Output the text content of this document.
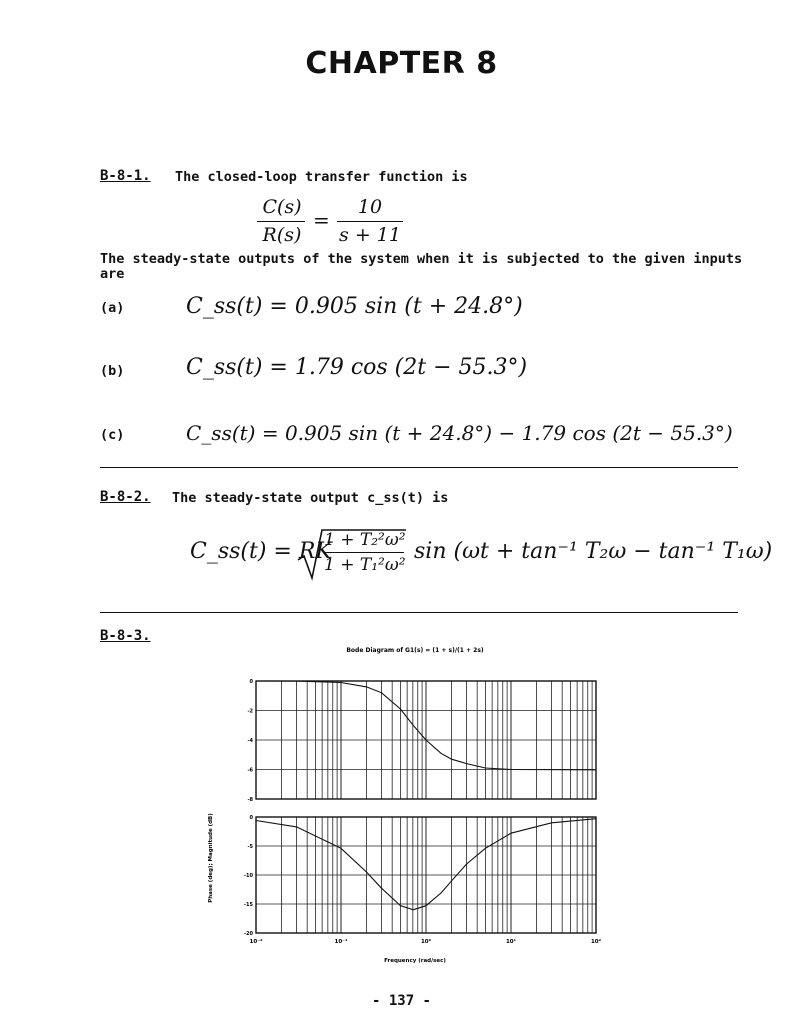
CHAPTER 8
B-8-1. The closed-loop transfer function is
C(s)
R(s)
=
10
s + 11
The steady-state outputs of the system when it is subjected to the given inputs are
(a)	C_ss(t) = 0.905 sin (t + 24.8°)
(b)	C_ss(t) = 1.79 cos (2t − 55.3°)
(c)	C_ss(t) = 0.905 sin (t + 24.8°) − 1.79 cos (2t − 55.3°)
B-8-2. The steady-state output c_ss(t) is
C_ss(t) = RK
1 + T₂²ω²
1 + T₁²ω²
sin (ωt + tan⁻¹ T₂ω − tan⁻¹ T₁ω)
B-8-3.
Bode Diagram of G1(s) = (1 + s)/(1 + 2s)
0
-2
-4
-6
-8
0
-5
-10
-15
-20
10⁻²	10⁻¹	10⁰	10¹	10²
Frequency (rad/sec)
Phase (deg); Magnitude (dB)
- 137 -
